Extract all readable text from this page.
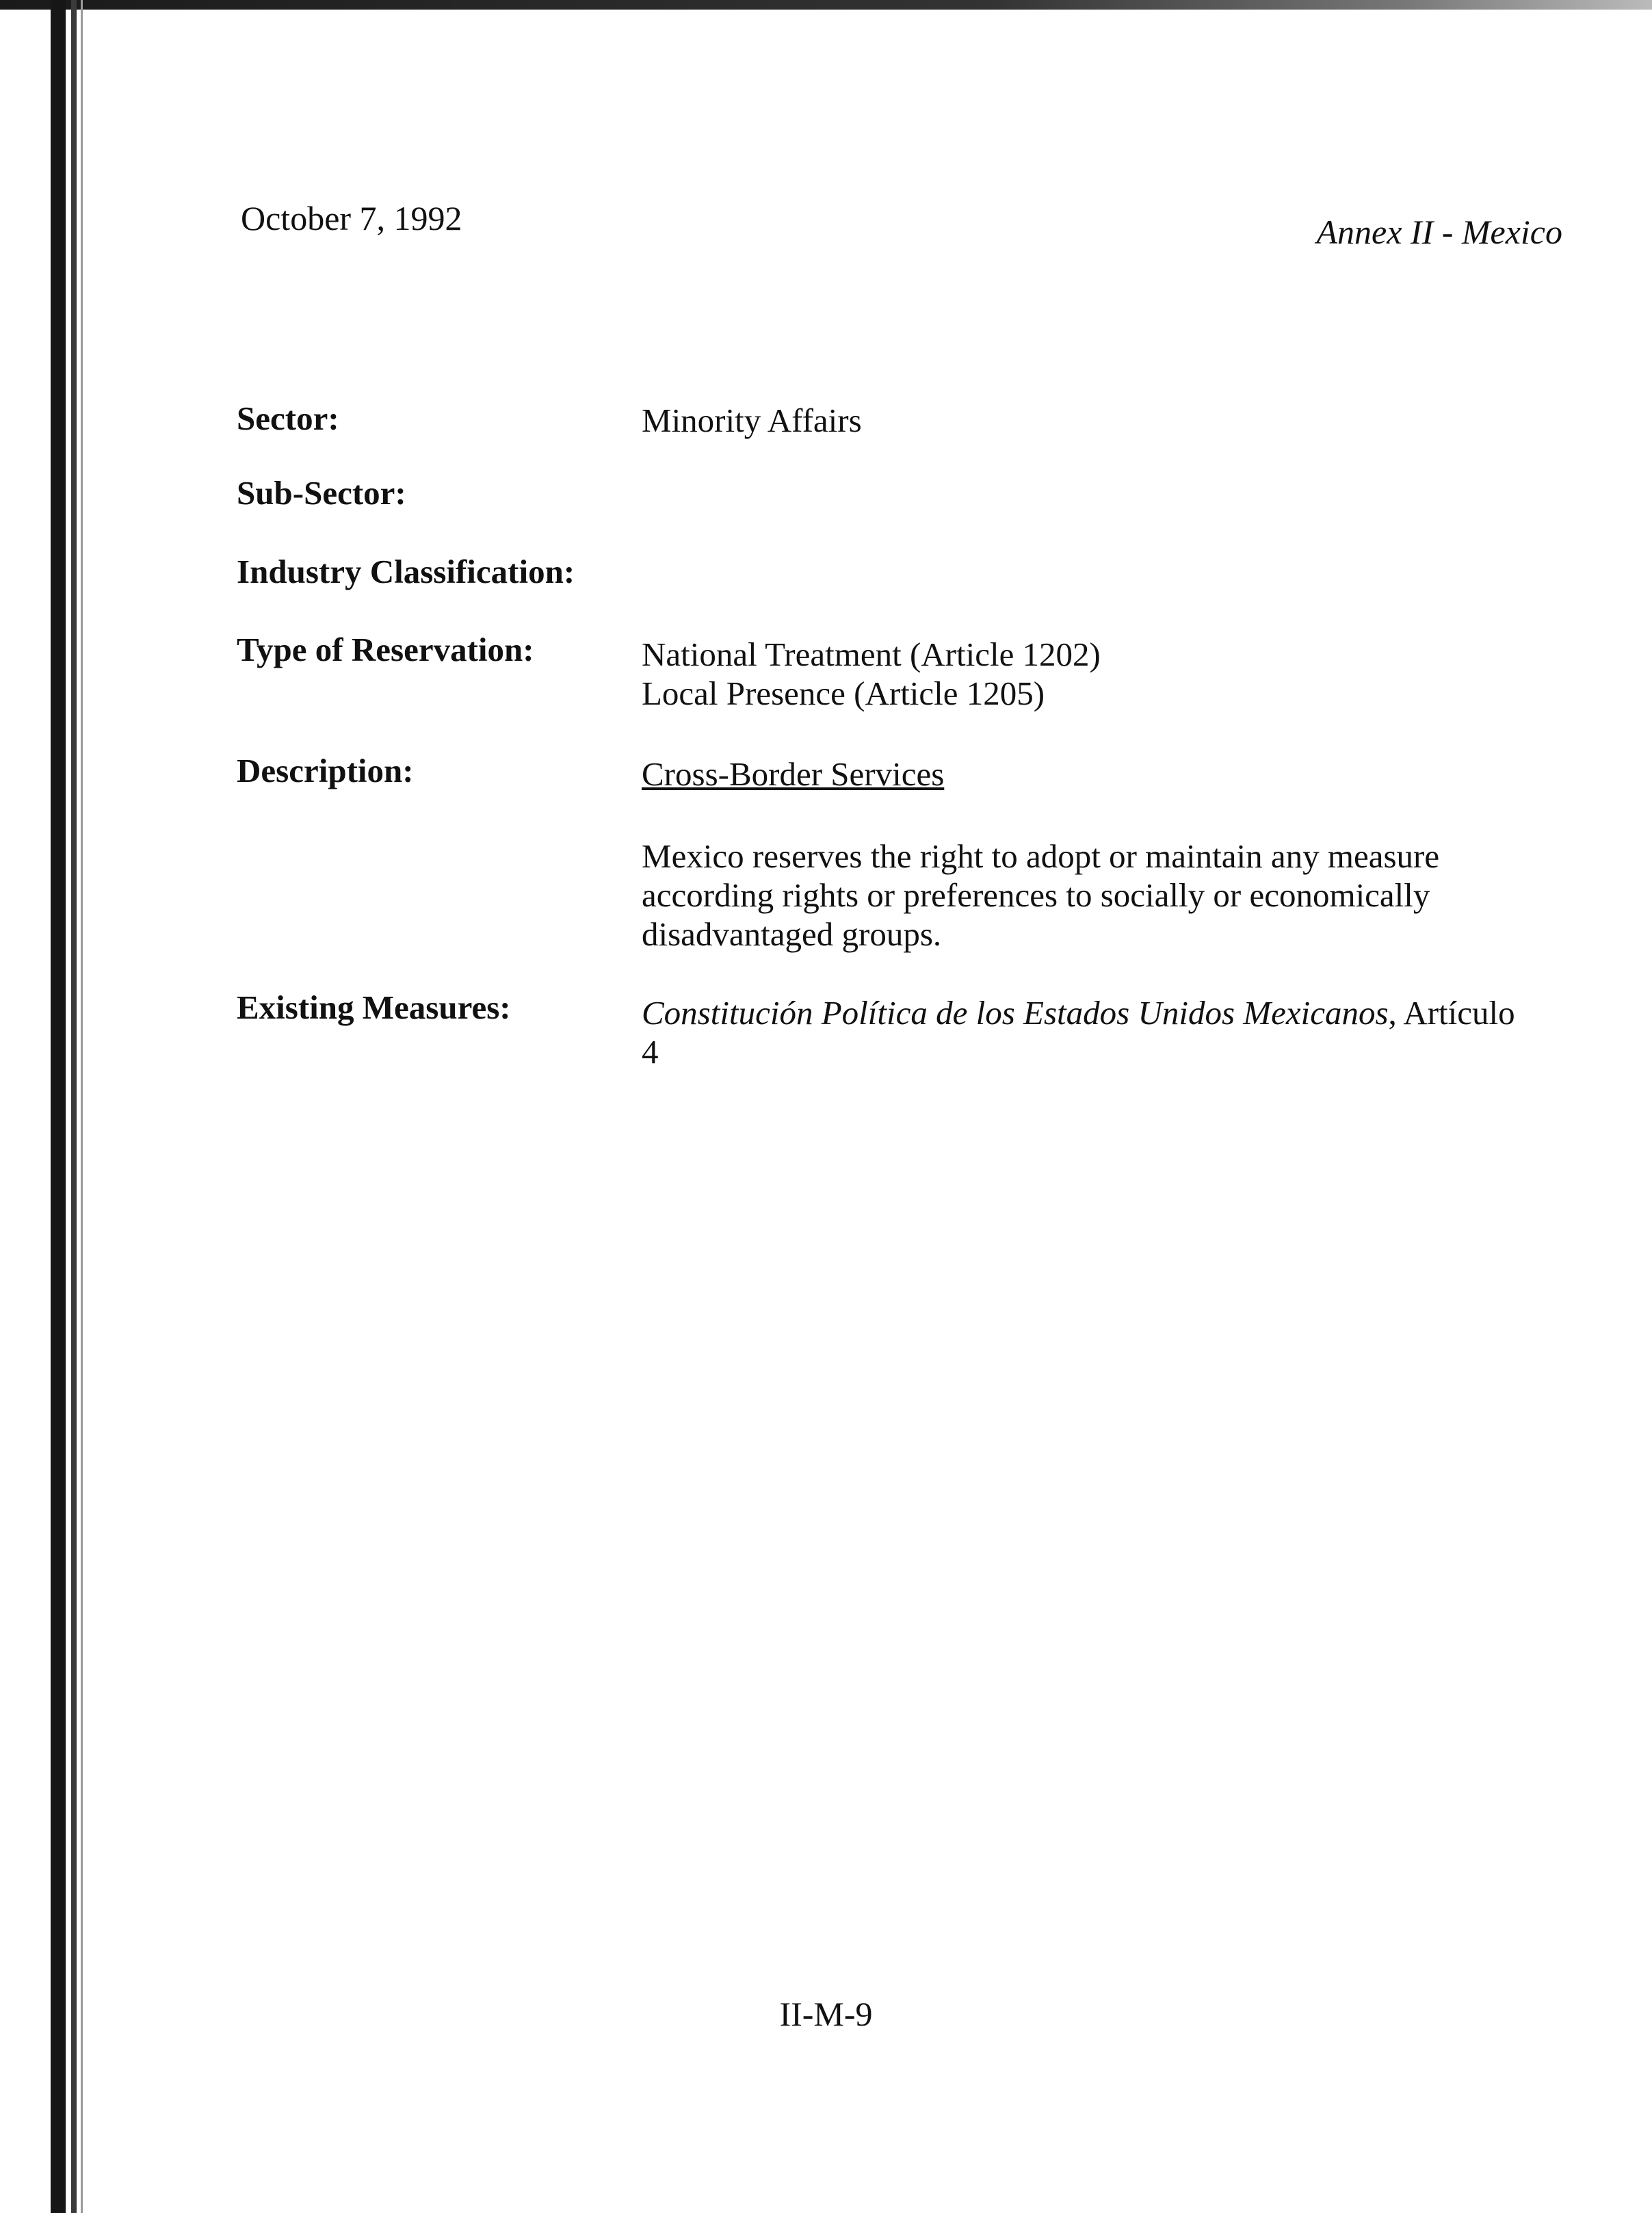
October 7, 1992	Annex II - Mexico
Sector:	Minority Affairs
Sub-Sector:
Industry Classification:
Type of Reservation:	National Treatment (Article 1202)
Local Presence (Article 1205)
Description:	Cross-Border Services
Mexico reserves the right to adopt or maintain any measure
according rights or preferences to socially or economically
disadvantaged groups.
Existing Measures:	Constitución Política de los Estados Unidos Mexicanos, Artículo
4
II-M-9
